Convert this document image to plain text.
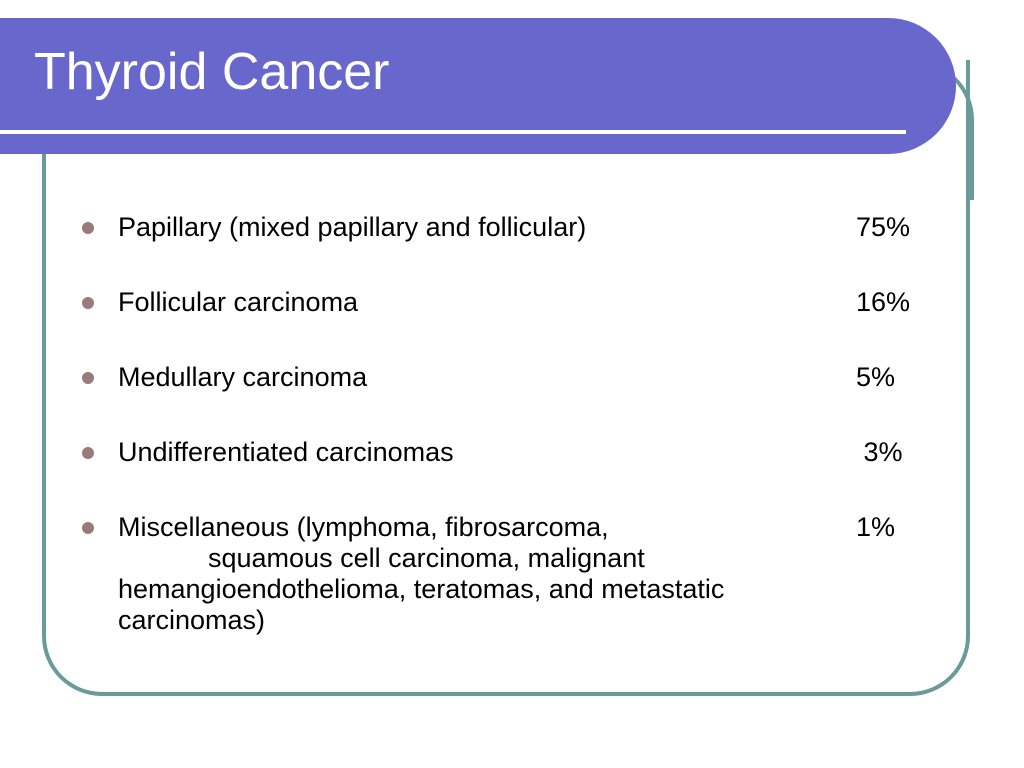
Thyroid Cancer
Papillary (mixed papillary and follicular)	75%
Follicular carcinoma	16%
Medullary carcinoma	5%
Undifferentiated carcinomas	3%
Miscellaneous (lymphoma, fibrosarcoma,	1%
squamous cell carcinoma, malignant
hemangioendothelioma, teratomas, and metastatic
carcinomas)
